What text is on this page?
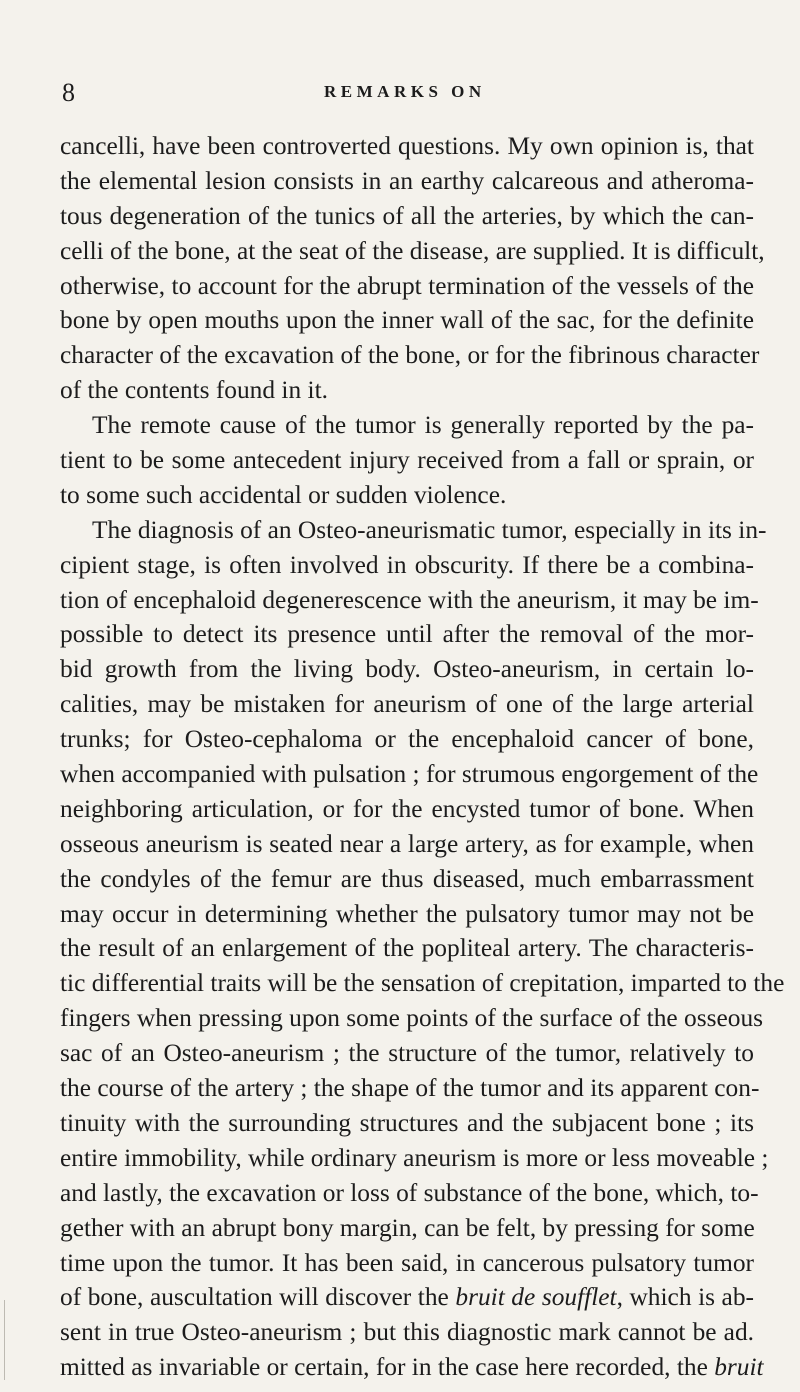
8	REMARKS ON
cancelli, have been controverted questions. My own opinion is, that
the elemental lesion consists in an earthy calcareous and atheroma-
tous degeneration of the tunics of all the arteries, by which the can-
celli of the bone, at the seat of the disease, are supplied. It is difficult,
otherwise, to account for the abrupt termination of the vessels of the
bone by open mouths upon the inner wall of the sac, for the definite
character of the excavation of the bone, or for the fibrinous character
of the contents found in it.
The remote cause of the tumor is generally reported by the pa-
tient to be some antecedent injury received from a fall or sprain, or
to some such accidental or sudden violence.
The diagnosis of an Osteo-aneurismatic tumor, especially in its in-
cipient stage, is often involved in obscurity. If there be a combina-
tion of encephaloid degenerescence with the aneurism, it may be im-
possible to detect its presence until after the removal of the mor-
bid growth from the living body. Osteo-aneurism, in certain lo-
calities, may be mistaken for aneurism of one of the large arterial
trunks; for Osteo-cephaloma or the encephaloid cancer of bone,
when accompanied with pulsation ; for strumous engorgement of the
neighboring articulation, or for the encysted tumor of bone. When
osseous aneurism is seated near a large artery, as for example, when
the condyles of the femur are thus diseased, much embarrassment
may occur in determining whether the pulsatory tumor may not be
the result of an enlargement of the popliteal artery. The characteris-
tic differential traits will be the sensation of crepitation, imparted to the
fingers when pressing upon some points of the surface of the osseous
sac of an Osteo-aneurism ; the structure of the tumor, relatively to
the course of the artery ; the shape of the tumor and its apparent con-
tinuity with the surrounding structures and the subjacent bone ; its
entire immobility, while ordinary aneurism is more or less moveable ;
and lastly, the excavation or loss of substance of the bone, which, to-
gether with an abrupt bony margin, can be felt, by pressing for some
time upon the tumor. It has been said, in cancerous pulsatory tumor
of bone, auscultation will discover the bruit de soufflet, which is ab-
sent in true Osteo-aneurism ; but this diagnostic mark cannot be ad.
mitted as invariable or certain, for in the case here recorded, the bruit
